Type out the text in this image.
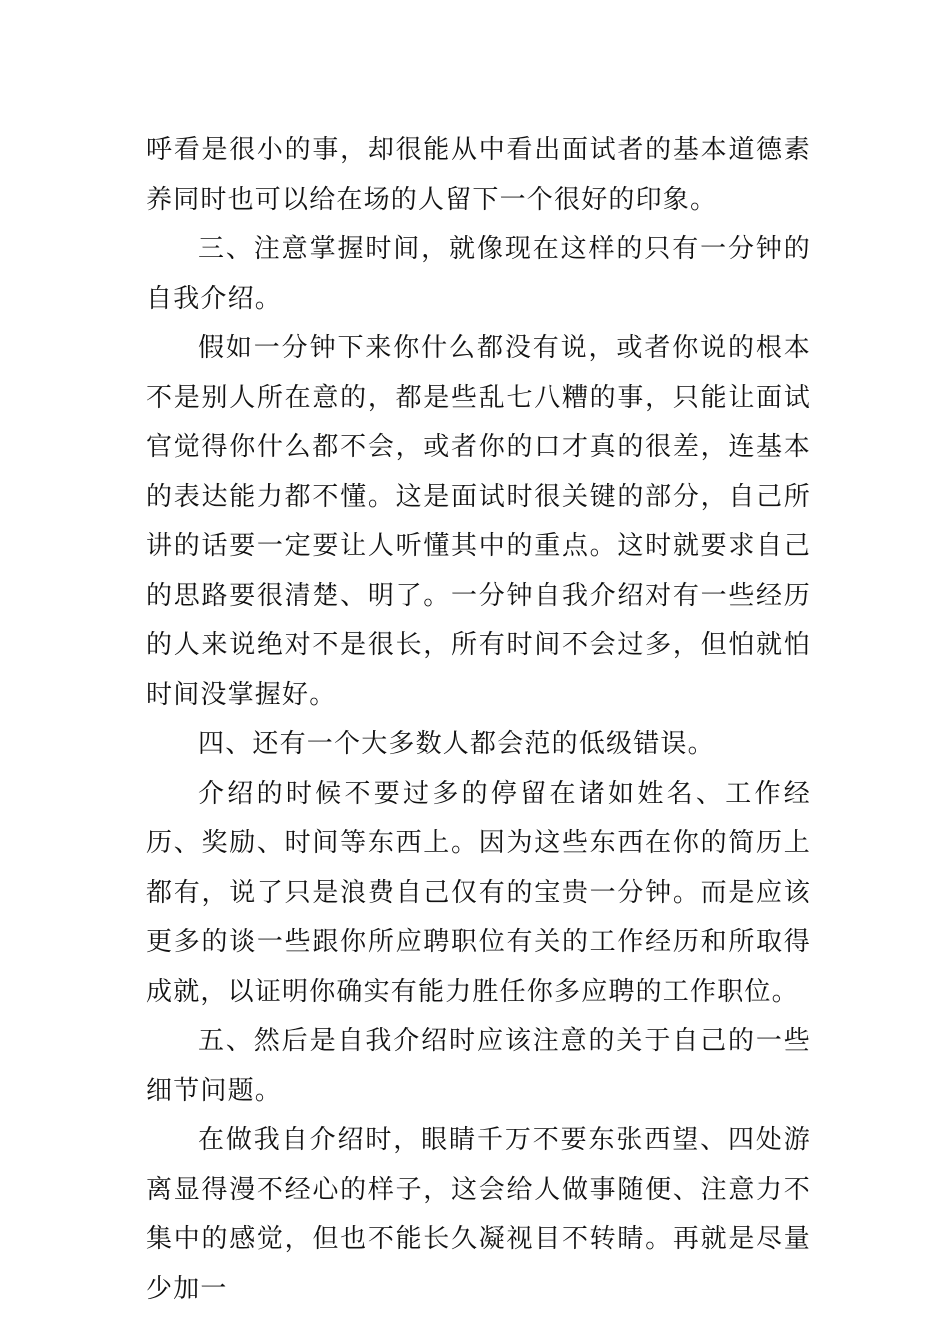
呼看是很小的事，却很能从中看出面试者的基本道德素养同时也可以给在场的人留下一个很好的印象。

三、注意掌握时间，就像现在这样的只有一分钟的自我介绍。

假如一分钟下来你什么都没有说，或者你说的根本不是别人所在意的，都是些乱七八糟的事，只能让面试官觉得你什么都不会，或者你的口才真的很差，连基本的表达能力都不懂。这是面试时很关键的部分，自己所讲的话要一定要让人听懂其中的重点。这时就要求自己的思路要很清楚、明了。一分钟自我介绍对有一些经历的人来说绝对不是很长，所有时间不会过多，但怕就怕时间没掌握好。

四、还有一个大多数人都会范的低级错误。

介绍的时候不要过多的停留在诸如姓名、工作经历、奖励、时间等东西上。因为这些东西在你的简历上都有，说了只是浪费自己仅有的宝贵一分钟。而是应该更多的谈一些跟你所应聘职位有关的工作经历和所取得成就，以证明你确实有能力胜任你多应聘的工作职位。

五、然后是自我介绍时应该注意的关于自己的一些细节问题。

在做我自介绍时，眼睛千万不要东张西望、四处游离显得漫不经心的样子，这会给人做事随便、注意力不集中的感觉，但也不能长久凝视目不转睛。再就是尽量少加一
